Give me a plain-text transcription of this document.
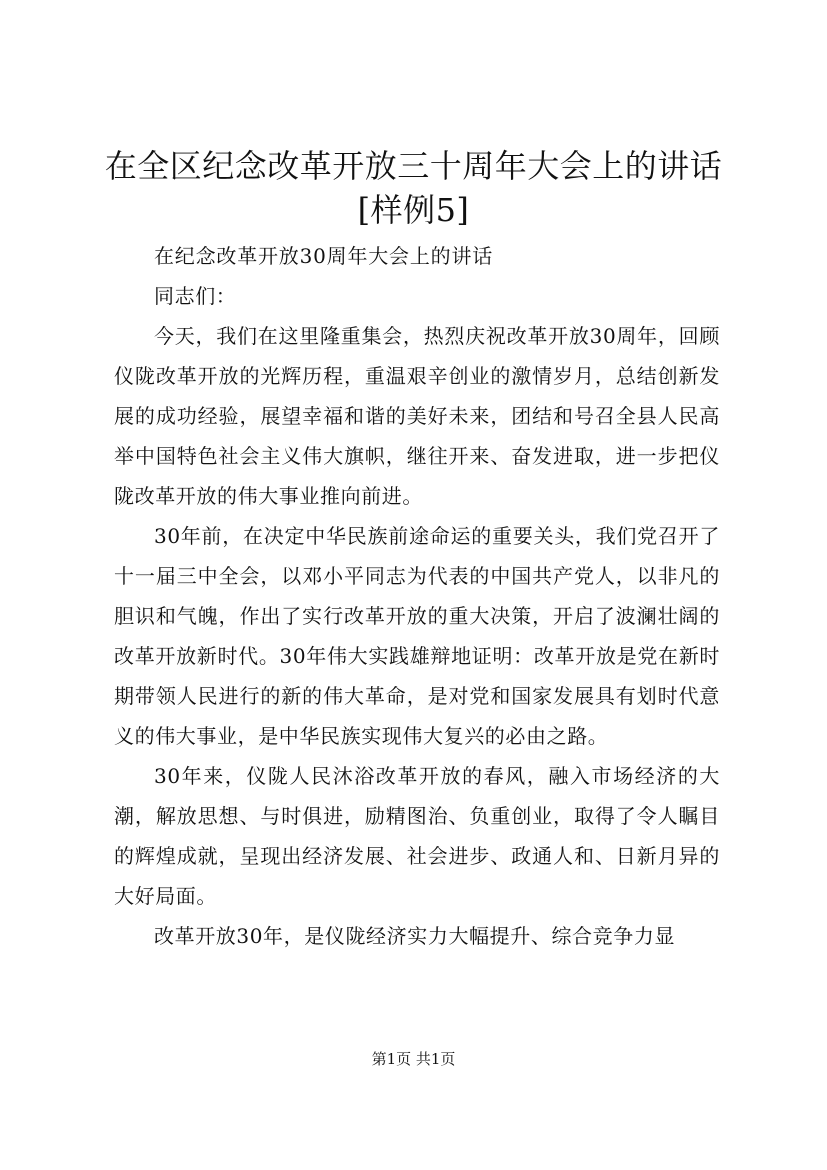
在全区纪念改革开放三十周年大会上的讲话
[样例5]

在纪念改革开放30周年大会上的讲话

同志们：

今天，我们在这里隆重集会，热烈庆祝改革开放30周年，回顾仪陇改革开放的光辉历程，重温艰辛创业的激情岁月，总结创新发展的成功经验，展望幸福和谐的美好未来，团结和号召全县人民高举中国特色社会主义伟大旗帜，继往开来、奋发进取，进一步把仪陇改革开放的伟大事业推向前进。

30年前，在决定中华民族前途命运的重要关头，我们党召开了十一届三中全会，以邓小平同志为代表的中国共产党人，以非凡的胆识和气魄，作出了实行改革开放的重大决策，开启了波澜壮阔的改革开放新时代。30年伟大实践雄辩地证明：改革开放是党在新时期带领人民进行的新的伟大革命，是对党和国家发展具有划时代意义的伟大事业，是中华民族实现伟大复兴的必由之路。

30年来，仪陇人民沐浴改革开放的春风，融入市场经济的大潮，解放思想、与时俱进，励精图治、负重创业，取得了令人瞩目的辉煌成就，呈现出经济发展、社会进步、政通人和、日新月异的大好局面。

改革开放30年，是仪陇经济实力大幅提升、综合竞争力显

第1页 共1页
